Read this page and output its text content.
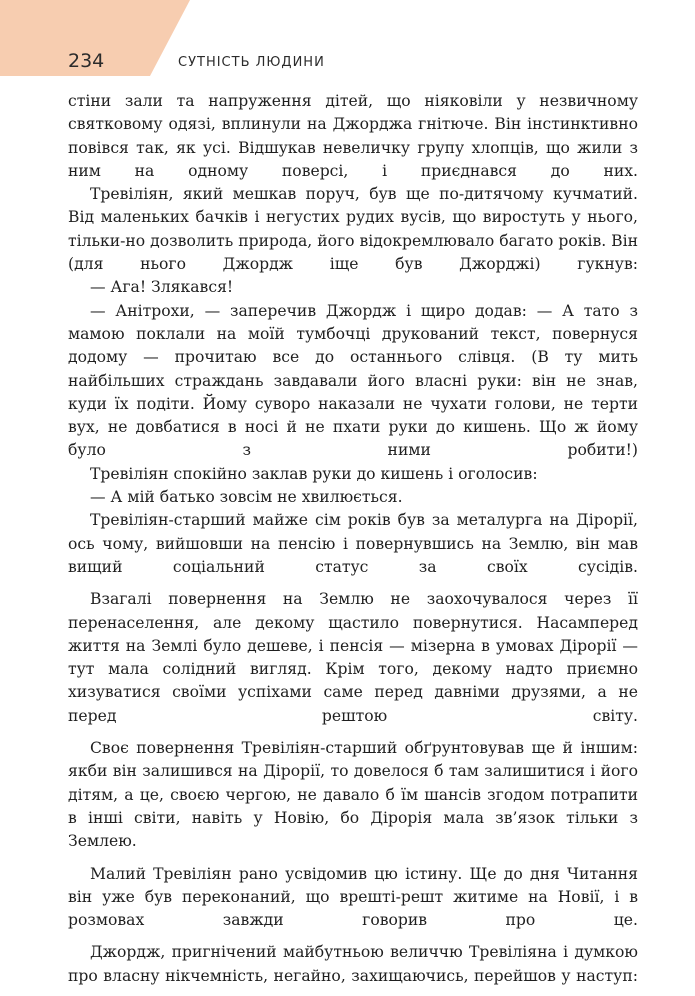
234	СУТНІСТЬ ЛЮДИНИ

стіни зали та напруження дітей, що ніяковіли у незвичному святковому одязі, вплинули на Джорджа гнітюче. Він інстинктивно повівся так, як усі. Відшукав невеличку групу хлопців, що жили з ним на одному поверсі, і приєднався до них.

Тревіліян, який мешкав поруч, був ще по-дитячому кучматий. Від маленьких бачків і негустих рудих вусів, що виростуть у нього, тільки-но дозволить природа, його відокремлювало багато років. Він (для нього Джордж іще був Джорджі) гукнув:

— Ага! Злякався!

— Анітрохи, — заперечив Джордж і щиро додав: — А тато з мамою поклали на моїй тумбочці друкований текст, повернуся додому — прочитаю все до останнього слівця. (В ту мить найбільших страждань завдавали його власні руки: він не знав, куди їх подіти. Йому суворо наказали не чухати голови, не терти вух, не довбатися в носі й не пхати руки до кишень. Що ж йому було з ними робити!)

Тревіліян спокійно заклав руки до кишень і оголосив:

— А мій батько зовсім не хвилюється.

Тревіліян-старший майже сім років був за металурга на Дірорії, ось чому, вийшовши на пенсію і повернувшись на Землю, він мав вищий соціальний статус за своїх сусідів.

Взагалі повернення на Землю не заохочувалося через її перенаселення, але декому щастило повернутися. Насамперед життя на Землі було дешеве, і пенсія — мізерна в умовах Дірорії — тут мала солідний вигляд. Крім того, декому надто приємно хизуватися своїми успіхами саме перед давніми друзями, а не перед рештою світу.

Своє повернення Тревіліян-старший обґрунтовував ще й іншим: якби він залишився на Дірорії, то довелося б там залишитися і його дітям, а це, своєю чергою, не давало б їм шансів згодом потрапити в інші світи, навіть у Новію, бо Дірорія мала зв’язок тільки з Землею.

Малий Тревіліян рано усвідомив цю істину. Ще до дня Читання він уже був переконаний, що врешті-решт житиме на Новії, і в розмовах завжди говорив про це.

Джордж, пригнічений майбутньою величчю Тревіліяна і думкою про власну нікчемність, негайно, захищаючись, перейшов у наступ:
